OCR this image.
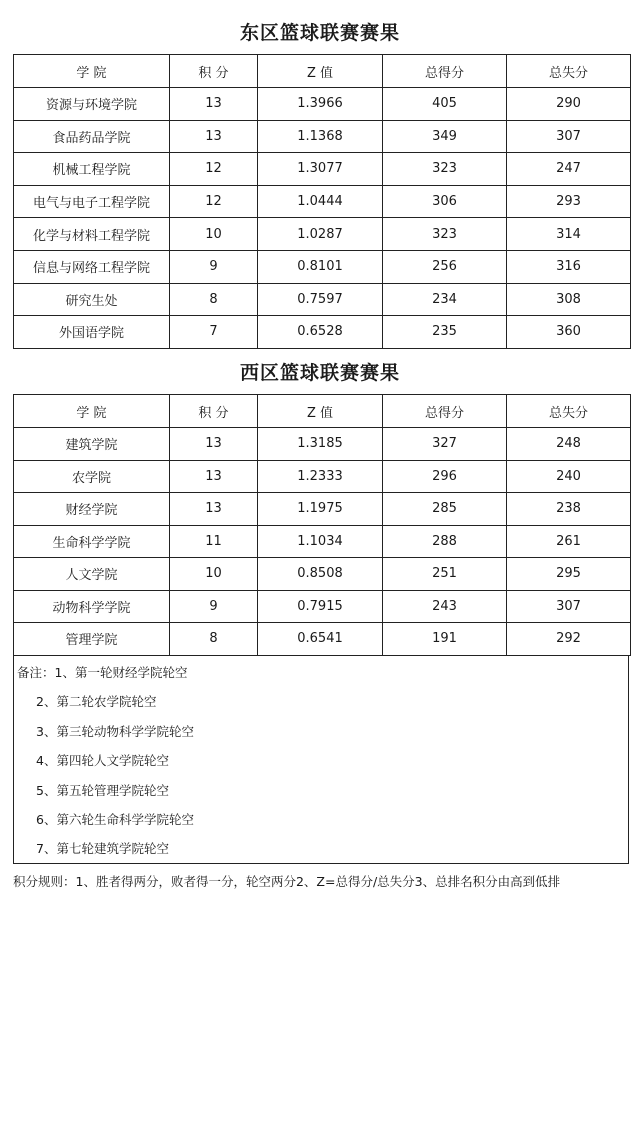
东区篮球联赛赛果
学 院	积 分	Z 值	总得分	总失分
资源与环境学院	13	1.3966	405	290
食品药品学院	13	1.1368	349	307
机械工程学院	12	1.3077	323	247
电气与电子工程学院	12	1.0444	306	293
化学与材料工程学院	10	1.0287	323	314
信息与网络工程学院	9	0.8101	256	316
研究生处	8	0.7597	234	308
外国语学院	7	0.6528	235	360
西区篮球联赛赛果
学 院	积 分	Z 值	总得分	总失分
建筑学院	13	1.3185	327	248
农学院	13	1.2333	296	240
财经学院	13	1.1975	285	238
生命科学学院	11	1.1034	288	261
人文学院	10	0.8508	251	295
动物科学学院	9	0.7915	243	307
管理学院	8	0.6541	191	292
备注：1、第一轮财经学院轮空
2、第二轮农学院轮空
3、第三轮动物科学学院轮空
4、第四轮人文学院轮空
5、第五轮管理学院轮空
6、第六轮生命科学学院轮空
7、第七轮建筑学院轮空
积分规则：1、胜者得两分，败者得一分，轮空两分2、Z=总得分/总失分3、总排名积分由高到低排
